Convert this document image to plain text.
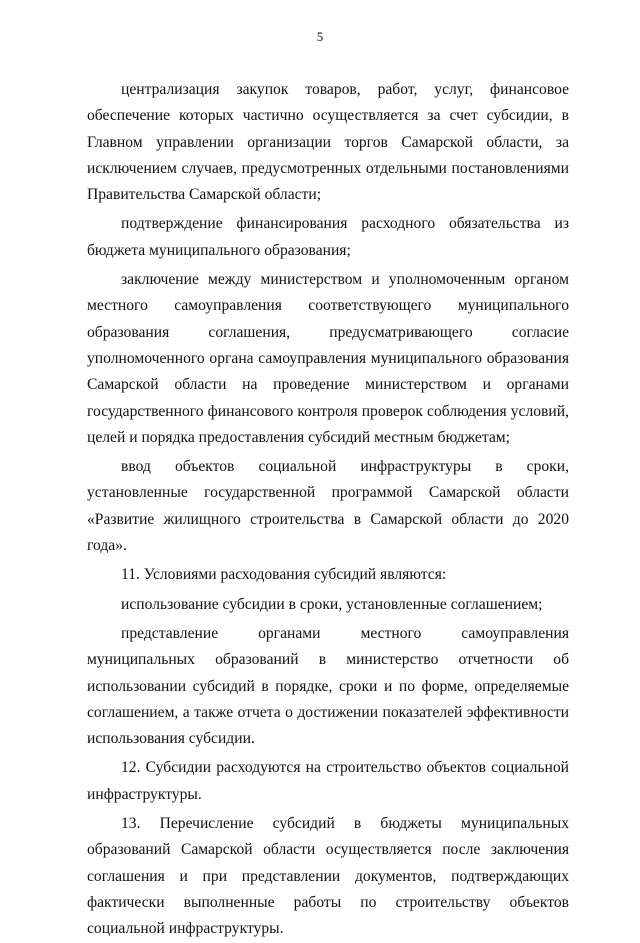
5

централизация закупок товаров, работ, услуг, финансовое обеспечение которых частично осуществляется за счет субсидии, в Главном управлении организации торгов Самарской области, за исключением случаев, предусмотренных отдельными постановлениями Правительства Самарской области;

подтверждение финансирования расходного обязательства из бюджета муниципального образования;

заключение между министерством и уполномоченным органом местного самоуправления соответствующего муниципального образования соглашения, предусматривающего согласие уполномоченного органа самоуправления муниципального образования Самарской области на проведение министерством и органами государственного финансового контроля проверок соблюдения условий, целей и порядка предоставления субсидий местным бюджетам;

ввод объектов социальной инфраструктуры в сроки, установленные государственной программой Самарской области «Развитие жилищного строительства в Самарской области до 2020 года».

11. Условиями расходования субсидий являются:

использование субсидии в сроки, установленные соглашением;

представление органами местного самоуправления муниципальных образований в министерство отчетности об использовании субсидий в порядке, сроки и по форме, определяемые соглашением, а также отчета о достижении показателей эффективности использования субсидии.

12. Субсидии расходуются на строительство объектов социальной инфраструктуры.

13. Перечисление субсидий в бюджеты муниципальных образований Самарской области осуществляется после заключения соглашения и при представлении документов, подтверждающих фактически выполненные работы по строительству объектов социальной инфраструктуры.
